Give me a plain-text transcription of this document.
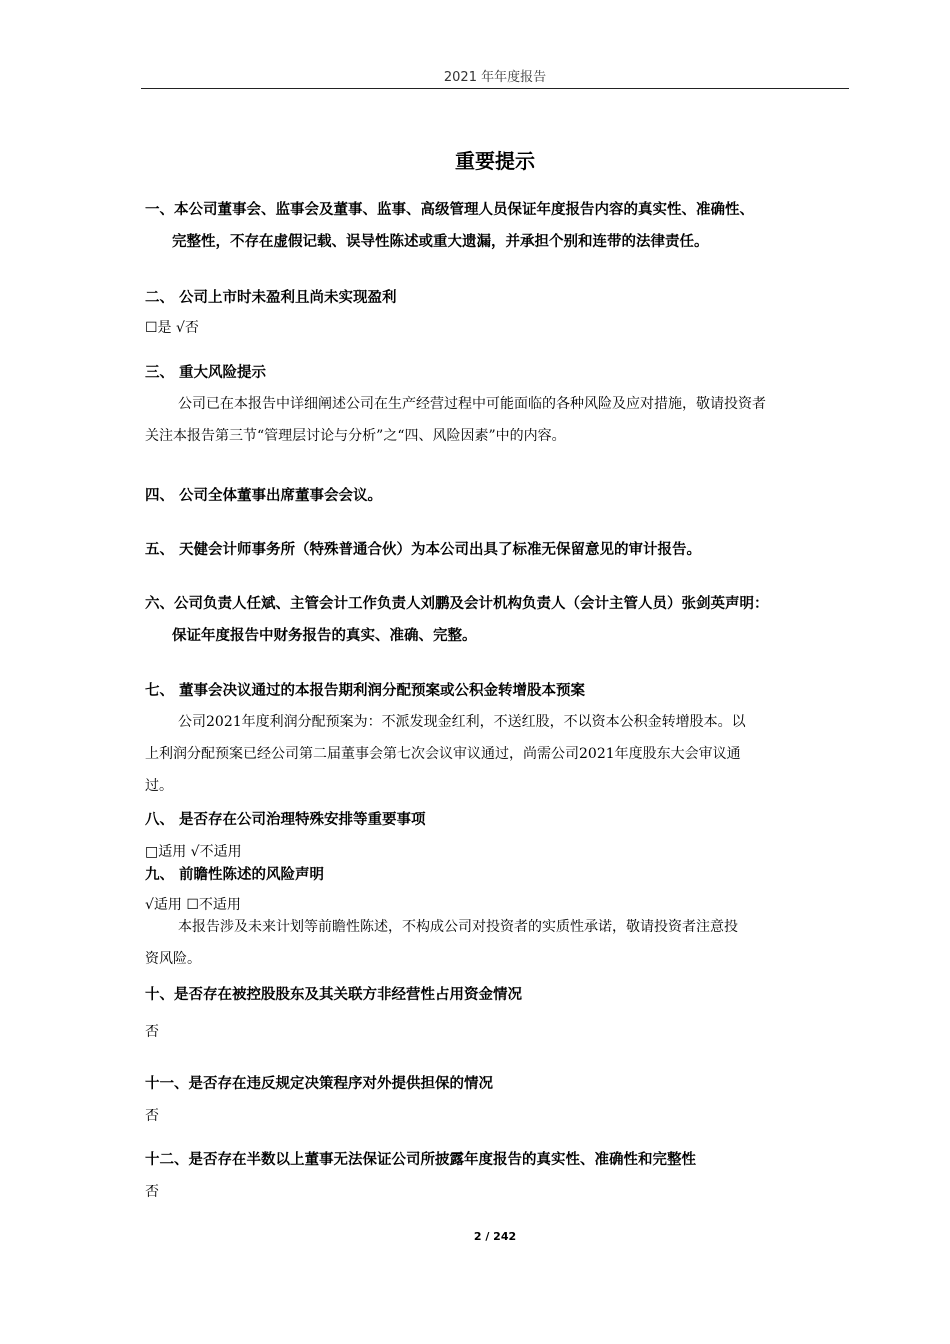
2021 年年度报告
重要提示
一、本公司董事会、监事会及董事、监事、高级管理人员保证年度报告内容的真实性、准确性、
完整性，不存在虚假记载、误导性陈述或重大遗漏，并承担个别和连带的法律责任。
二、 公司上市时未盈利且尚未实现盈利
☐是 √否
三、 重大风险提示
公司已在本报告中详细阐述公司在生产经营过程中可能面临的各种风险及应对措施，敬请投资者
关注本报告第三节“管理层讨论与分析”之“四、风险因素”中的内容。
四、 公司全体董事出席董事会会议。
五、 天健会计师事务所（特殊普通合伙）为本公司出具了标准无保留意见的审计报告。
六、公司负责人任斌、主管会计工作负责人刘鹏及会计机构负责人（会计主管人员）张剑英声明：
保证年度报告中财务报告的真实、准确、完整。
七、 董事会决议通过的本报告期利润分配预案或公积金转增股本预案
公司2021年度利润分配预案为：不派发现金红利，不送红股，不以资本公积金转增股本。以
上利润分配预案已经公司第二届董事会第七次会议审议通过，尚需公司2021年度股东大会审议通
过。
八、 是否存在公司治理特殊安排等重要事项
□适用 √不适用
九、 前瞻性陈述的风险声明
√适用 ☐不适用
本报告涉及未来计划等前瞻性陈述，不构成公司对投资者的实质性承诺，敬请投资者注意投
资风险。
十、是否存在被控股股东及其关联方非经营性占用资金情况
否
十一、是否存在违反规定决策程序对外提供担保的情况
否
十二、是否存在半数以上董事无法保证公司所披露年度报告的真实性、准确性和完整性
否
2 / 242
